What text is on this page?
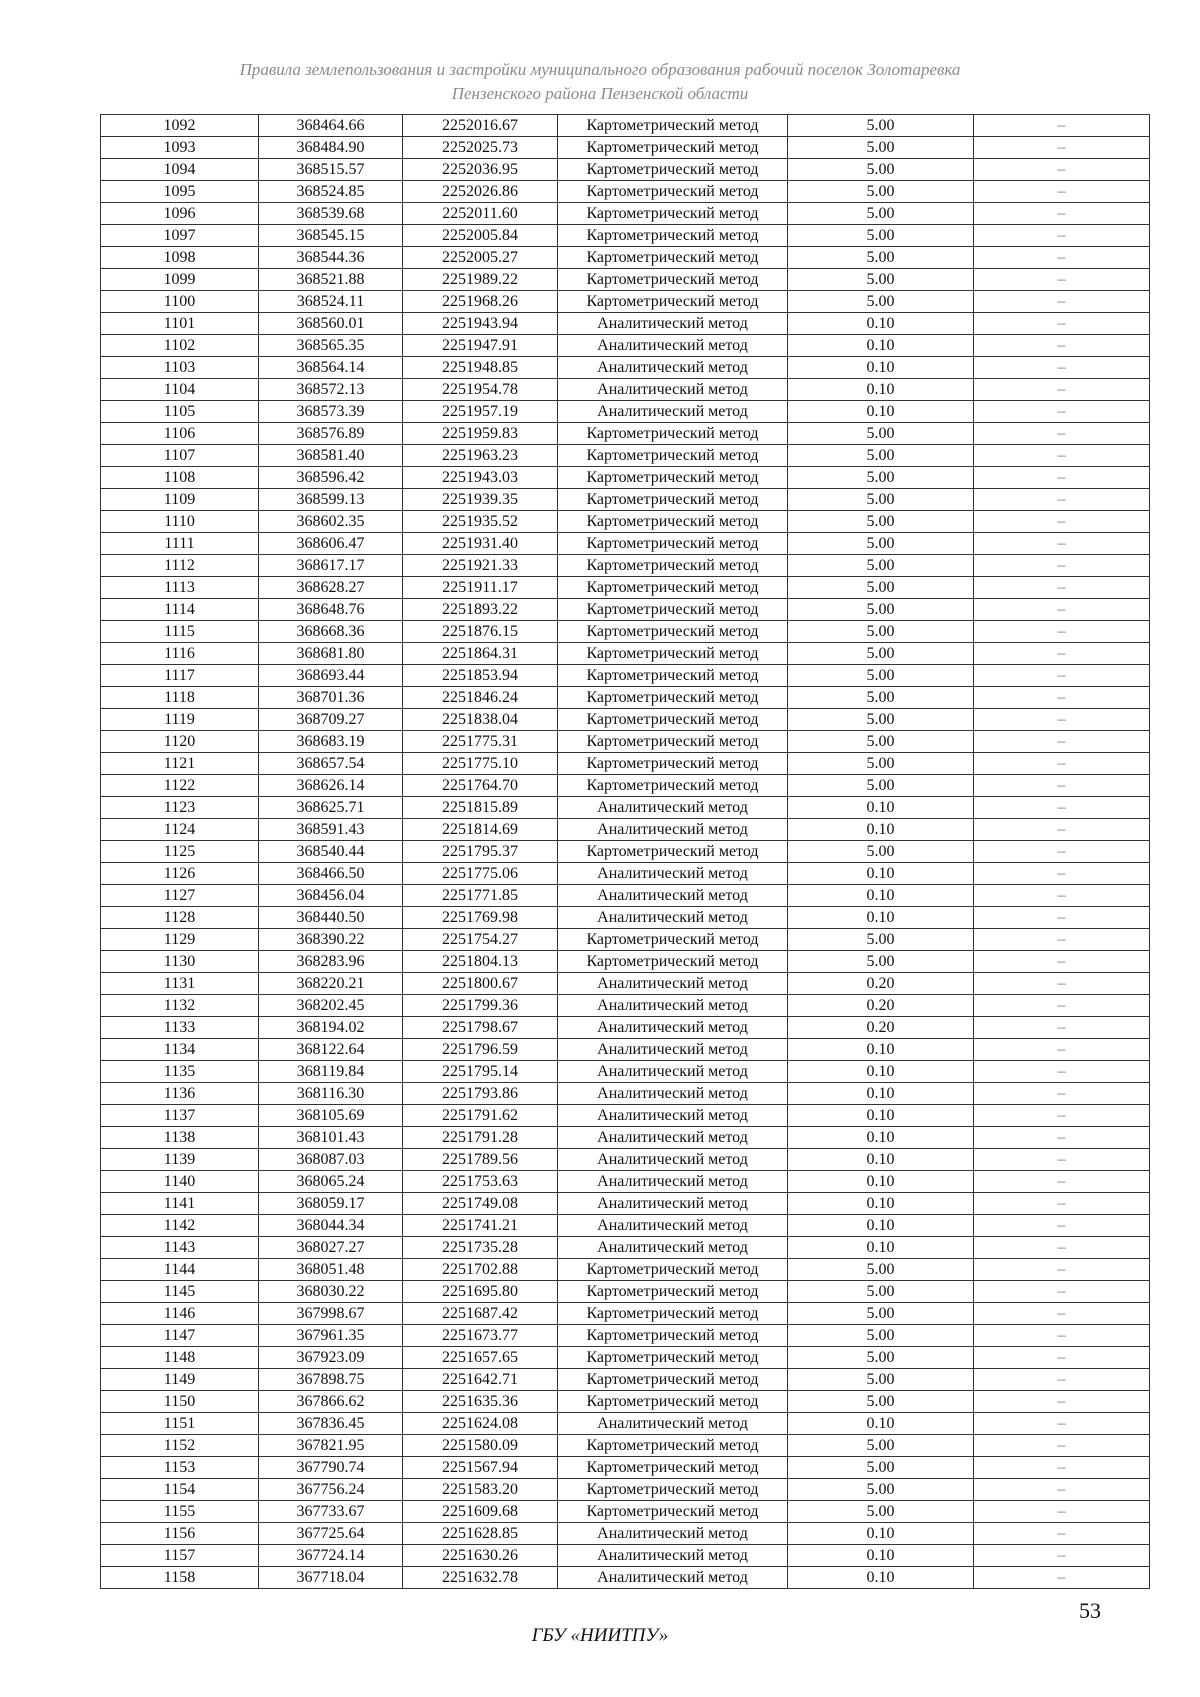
Правила землепользования и застройки муниципального образования рабочий поселок Золотаревка
Пензенского района Пензенской области
1092	368464.66	2252016.67	Картометрический метод	5.00	–
1093	368484.90	2252025.73	Картометрический метод	5.00	–
1094	368515.57	2252036.95	Картометрический метод	5.00	–
1095	368524.85	2252026.86	Картометрический метод	5.00	–
1096	368539.68	2252011.60	Картометрический метод	5.00	–
1097	368545.15	2252005.84	Картометрический метод	5.00	–
1098	368544.36	2252005.27	Картометрический метод	5.00	–
1099	368521.88	2251989.22	Картометрический метод	5.00	–
1100	368524.11	2251968.26	Картометрический метод	5.00	–
1101	368560.01	2251943.94	Аналитический метод	0.10	–
1102	368565.35	2251947.91	Аналитический метод	0.10	–
1103	368564.14	2251948.85	Аналитический метод	0.10	–
1104	368572.13	2251954.78	Аналитический метод	0.10	–
1105	368573.39	2251957.19	Аналитический метод	0.10	–
1106	368576.89	2251959.83	Картометрический метод	5.00	–
1107	368581.40	2251963.23	Картометрический метод	5.00	–
1108	368596.42	2251943.03	Картометрический метод	5.00	–
1109	368599.13	2251939.35	Картометрический метод	5.00	–
1110	368602.35	2251935.52	Картометрический метод	5.00	–
1111	368606.47	2251931.40	Картометрический метод	5.00	–
1112	368617.17	2251921.33	Картометрический метод	5.00	–
1113	368628.27	2251911.17	Картометрический метод	5.00	–
1114	368648.76	2251893.22	Картометрический метод	5.00	–
1115	368668.36	2251876.15	Картометрический метод	5.00	–
1116	368681.80	2251864.31	Картометрический метод	5.00	–
1117	368693.44	2251853.94	Картометрический метод	5.00	–
1118	368701.36	2251846.24	Картометрический метод	5.00	–
1119	368709.27	2251838.04	Картометрический метод	5.00	–
1120	368683.19	2251775.31	Картометрический метод	5.00	–
1121	368657.54	2251775.10	Картометрический метод	5.00	–
1122	368626.14	2251764.70	Картометрический метод	5.00	–
1123	368625.71	2251815.89	Аналитический метод	0.10	–
1124	368591.43	2251814.69	Аналитический метод	0.10	–
1125	368540.44	2251795.37	Картометрический метод	5.00	–
1126	368466.50	2251775.06	Аналитический метод	0.10	–
1127	368456.04	2251771.85	Аналитический метод	0.10	–
1128	368440.50	2251769.98	Аналитический метод	0.10	–
1129	368390.22	2251754.27	Картометрический метод	5.00	–
1130	368283.96	2251804.13	Картометрический метод	5.00	–
1131	368220.21	2251800.67	Аналитический метод	0.20	–
1132	368202.45	2251799.36	Аналитический метод	0.20	–
1133	368194.02	2251798.67	Аналитический метод	0.20	–
1134	368122.64	2251796.59	Аналитический метод	0.10	–
1135	368119.84	2251795.14	Аналитический метод	0.10	–
1136	368116.30	2251793.86	Аналитический метод	0.10	–
1137	368105.69	2251791.62	Аналитический метод	0.10	–
1138	368101.43	2251791.28	Аналитический метод	0.10	–
1139	368087.03	2251789.56	Аналитический метод	0.10	–
1140	368065.24	2251753.63	Аналитический метод	0.10	–
1141	368059.17	2251749.08	Аналитический метод	0.10	–
1142	368044.34	2251741.21	Аналитический метод	0.10	–
1143	368027.27	2251735.28	Аналитический метод	0.10	–
1144	368051.48	2251702.88	Картометрический метод	5.00	–
1145	368030.22	2251695.80	Картометрический метод	5.00	–
1146	367998.67	2251687.42	Картометрический метод	5.00	–
1147	367961.35	2251673.77	Картометрический метод	5.00	–
1148	367923.09	2251657.65	Картометрический метод	5.00	–
1149	367898.75	2251642.71	Картометрический метод	5.00	–
1150	367866.62	2251635.36	Картометрический метод	5.00	–
1151	367836.45	2251624.08	Аналитический метод	0.10	–
1152	367821.95	2251580.09	Картометрический метод	5.00	–
1153	367790.74	2251567.94	Картометрический метод	5.00	–
1154	367756.24	2251583.20	Картометрический метод	5.00	–
1155	367733.67	2251609.68	Картометрический метод	5.00	–
1156	367725.64	2251628.85	Аналитический метод	0.10	–
1157	367724.14	2251630.26	Аналитический метод	0.10	–
1158	367718.04	2251632.78	Аналитический метод	0.10	–
53
ГБУ «НИИТПУ»
